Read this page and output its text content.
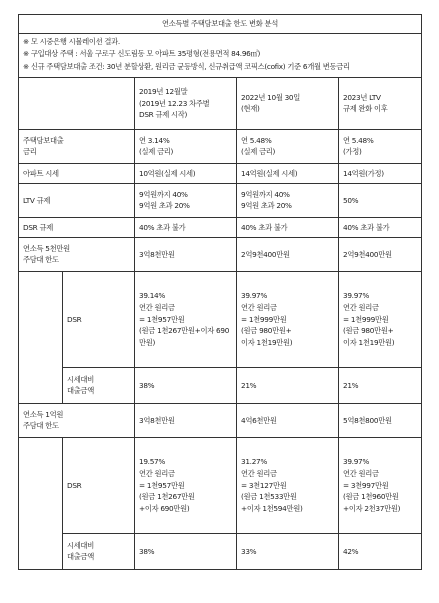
연소득별 주택담보대출 한도 변화 분석				

※ 모 시중은행 시뮬레이션 결과.

※ 구입대상 주택 : 서울 구로구 신도림동 모 아파트 35평형(전용면적 84.96㎡)

※ 신규 주택담보대출 조건: 30년 분할상환, 원리금 균등방식, 신규취급액 코픽스(cofix) 기준 6개월 변동금리				

		2019년 12월말
(2019년 12.23 차주별
DSR 규제 시작)	2022년 10월 30일
(현재)	2023년 LTV
규제 완화 이후
주택담보대출
금리		연 3.14%
(실제 금리)	연 5.48%
(실제 금리)	연 5.48%
(가정)
아파트 시세		10억원(실제 시세)	14억원(실제 시세)	14억원(가정)
LTV 규제		9억원까지 40%
9억원 초과 20%	9억원까지 40%
9억원 초과 20%	50%
DSR 규제		40% 초과 불가	40% 초과 불가	40% 초과 불가
연소득 5천만원
주담대 한도		3억8천만원	2억9천400만원	2억9천400만원
	DSR	39.14%
연간 원리금
= 1천957만원
(원금 1천267만원+이자 690만원)	39.97%
연간 원리금
= 1천999만원
(원금 980만원+
이자 1천19만원)	39.97%
연간 원리금
= 1천999만원
(원금 980만원+
이자 1천19만원)
	시세대비
대출금액	38%	21%	21%
연소득 1억원
주담대 한도		3억8천만원	4억6천만원	5억8천800만원
	DSR	19.57%
연간 원리금
= 1천957만원
(원금 1천267만원
+이자 690만원)	31.27%
연간 원리금
= 3천127만원
(원금 1천533만원
+이자 1천594만원)	39.97%
연간 원리금
= 3천997만원
(원금 1천960만원
+이자 2천37만원)
	시세대비
대출금액	38%	33%	42%
